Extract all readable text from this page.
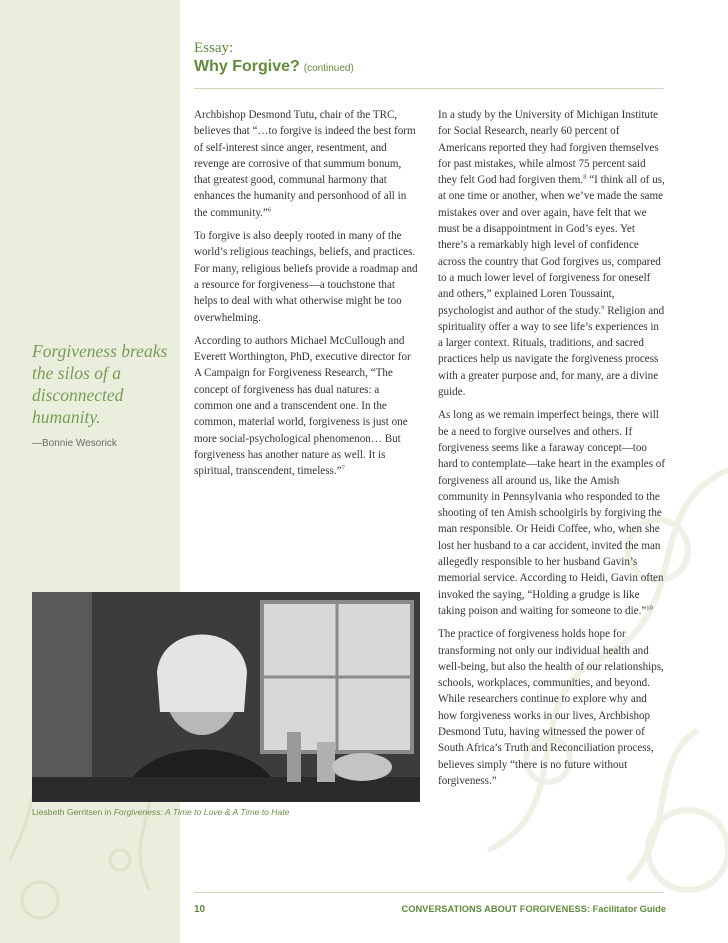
Essay:
Why Forgive? (continued)

Archbishop Desmond Tutu, chair of the TRC, believes that “…to forgive is indeed the best form of self-interest since anger, resentment, and revenge are corrosive of that summum bonum, that greatest good, communal harmony that enhances the humanity and personhood of all in the community.”$^6$

To forgive is also deeply rooted in many of the world’s religious teachings, beliefs, and practices. For many, religious beliefs provide a roadmap and a resource for forgiveness—a touchstone that helps to deal with what otherwise might be too overwhelming.

According to authors Michael McCullough and Everett Worthington, PhD, executive director for A Campaign for Forgiveness Research, “The concept of forgiveness has dual natures: a common one and a transcendent one. In the common, material world, forgiveness is just one more social-psychological phenomenon… But forgiveness has another nature as well. It is spiritual, transcendent, timeless.”$^7$

In a study by the University of Michigan Institute for Social Research, nearly 60 percent of Americans reported they had forgiven themselves for past mistakes, while almost 75 percent said they felt God had forgiven them.$^8$ “I think all of us, at one time or another, when we’ve made the same mistakes over and over again, have felt that we must be a disappointment in God’s eyes. Yet there’s a remarkably high level of confidence across the country that God forgives us, compared to a much lower level of forgiveness for oneself and others,” explained Loren Toussaint, psychologist and author of the study.$^9$ Religion and spirituality offer a way to see life’s experiences in a larger context. Rituals, traditions, and sacred practices help us navigate the forgiveness process with a greater purpose and, for many, are a divine guide.

As long as we remain imperfect beings, there will be a need to forgive ourselves and others. If forgiveness seems like a faraway concept—too hard to contemplate—take heart in the examples of forgiveness all around us, like the Amish community in Pennsylvania who responded to the shooting of ten Amish schoolgirls by forgiving the man responsible. Or Heidi Coffee, who, when she lost her husband to a car accident, invited the man allegedly responsible to her husband Gavin’s memorial service. According to Heidi, Gavin often invoked the saying, “Holding a grudge is like taking poison and waiting for someone to die.”$^{10}$

The practice of forgiveness holds hope for transforming not only our individual health and well-being, but also the health of our relationships, schools, workplaces, communities, and beyond. While researchers continue to explore why and how forgiveness works in our lives, Archbishop Desmond Tutu, having witnessed the power of South Africa’s Truth and Reconciliation process, believes simply “there is no future without forgiveness.”

Forgiveness breaks the silos of a disconnected humanity.
—Bonnie Wesorick
Liesbeth Gerritsen in Forgiveness: A Time to Love & A Time to Hate
10	CONVERSATIONS ABOUT FORGIVENESS: Facilitator Guide
